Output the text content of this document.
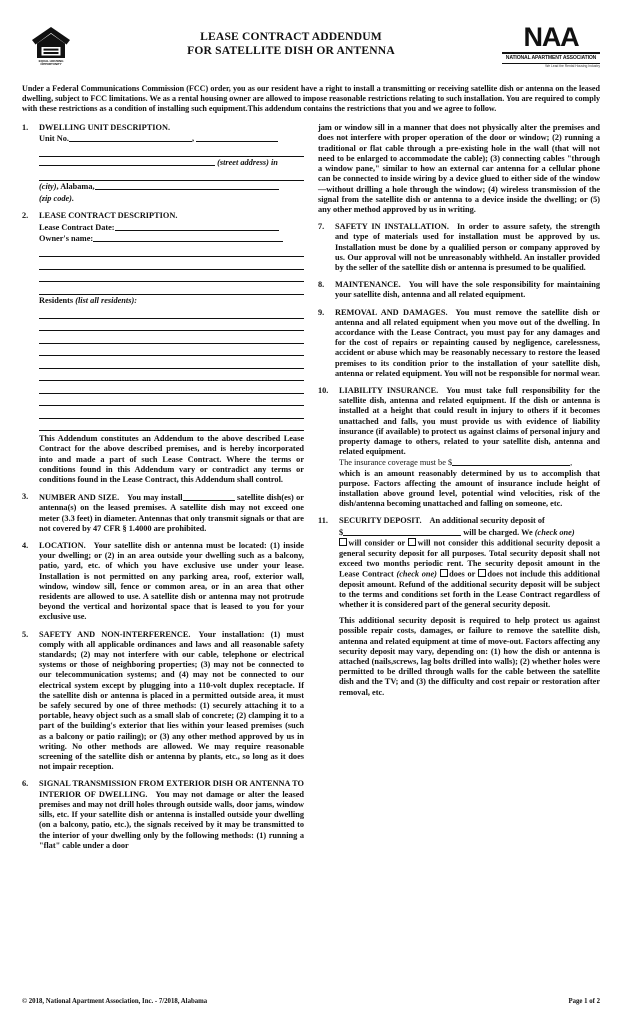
EQUAL HOUSING OPPORTUNITY
LEASE CONTRACT ADDENDUM
FOR SATELLITE DISH OR ANTENNA	NAA
NATIONAL APARTMENT ASSOCIATION
We Lead the Rental Housing Industry
Under a Federal Communications Commission (FCC) order, you as our resident have a right to install a transmitting or receiving satellite dish or antenna on the leased dwelling, subject to FCC limitations. We as a rental housing owner are allowed to impose reasonable restrictions relating to such installation. You are required to comply with these restrictions as a condition of installing such equipment.This addendum contains the restrictions that you and we agree to follow.
1.	DWELLING UNIT DESCRIPTION.
Unit No.	,
(street address) in
(city), Alabama,
(zip code).
2.	LEASE CONTRACT DESCRIPTION.
Lease Contract Date:
Owner's name:
Residents (list all residents):
This Addendum constitutes an Addendum to the above described Lease Contract for the above described premises, and is hereby incorporated into and made a part of such Lease Contract. Where the terms or conditions found in this Addendum vary or contradict any terms or conditions found in the Lease Contract, this Addendum shall control.
3.	NUMBER AND SIZE. You may install	satellite dish(es) or antenna(s) on the leased premises. A satellite dish may not exceed one meter (3.3 feet) in diameter. Antennas that only transmit signals or that are not covered by 47 CFR § 1.4000 are prohibited.
4.	LOCATION. Your satellite dish or antenna must be located: (1) inside your dwelling; or (2) in an area outside your dwelling such as a balcony, patio, yard, etc. of which you have exclusive use under your lease. Installation is not permitted on any parking area, roof, exterior wall, window, window sill, fence or common area, or in an area that other residents are allowed to use. A satellite dish or antenna may not protrude beyond the vertical and horizontal space that is leased to you for your exclusive use.
5.	SAFETY AND NON-INTERFERENCE. Your installation: (1) must comply with all applicable ordinances and laws and all reasonable safety standards; (2) may not interfere with our cable, telephone or electrical systems or those of neighboring properties; (3) may not be connected to our telecommunication systems; and (4) may not be connected to our electrical system except by plugging into a 110-volt duplex receptacle. If the satellite dish or antenna is placed in a permitted outside area, it must be safely secured by one of three methods: (1) securely attaching it to a portable, heavy object such as a small slab of concrete; (2) clamping it to a part of the building's exterior that lies within your leased premises (such as a balcony or patio railing); or (3) any other method approved by us in writing. No other methods are allowed. We may require reasonable screening of the satellite dish or antenna by plants, etc., so long as it does not impair reception.
6.	SIGNAL TRANSMISSION FROM EXTERIOR DISH OR ANTENNA TO INTERIOR OF DWELLING. You may not damage or alter the leased premises and may not drill holes through outside walls, door jams, window sills, etc. If your satellite dish or antenna is installed outside your dwelling (on a balcony, patio, etc.), the signals received by it may be transmitted to the interior of your dwelling only by the following methods: (1) running a "flat" cable under a door
jam or window sill in a manner that does not physically alter the premises and does not interfere with proper operation of the door or window; (2) running a traditional or flat cable through a pre-existing hole in the wall (that will not need to be enlarged to accommodate the cable); (3) connecting cables "through a window pane," similar to how an external car antenna for a cellular phone can be connected to inside wiring by a device glued to either side of the window—without drilling a hole through the window; (4) wireless transmission of the signal from the satellite dish or antenna to a device inside the dwelling; or (5) any other method approved by us in writing.
7.	SAFETY IN INSTALLATION. In order to assure safety, the strength and type of materials used for installation must be approved by us. Installation must be done by a qualilied person or company approved by us. Our approval will not be unreasonably withheld. An installer provided by the seller of the satellite dish or antenna is presumed to be qualified.
8.	MAINTENANCE. You will have the sole responsibility for maintaining your satellite dish, antenna and all related equipment.
9.	REMOVAL AND DAMAGES. You must remove the satellite dish or antenna and all related equipment when you move out of the dwelling. In accordance with the Lease Contract, you must pay for any damages and for the cost of repairs or repainting caused by negligence, carelessness, accident or abuse which may be reasonably necessary to restore the leased premises to its condition prior to the installation of your satellite dish, antenna or related equipment. You will not be responsible for normal wear.
10.	LIABILITY INSURANCE. You must take full responsibility for the satellite dish, antenna and related equipment. If the dish or antenna is installed at a height that could result in injury to others if it becomes unattached and falls, you must provide us with evidence of liability insurance (if available) to protect us against claims of personal injury and property damage to others, related to your satellite dish, antenna and related equipment.
The insurance coverage must be $	,
which is an amount reasonably determined by us to accomplish that purpose. Factors affecting the amount of insurance include height of installation above ground level, potential wind velocities, risk of the dish/antenna becoming unattached and falling on someone, etc.
11.	SECURITY DEPOSIT. An additional security deposit of
$	will be charged. We (check one)
will consider or will not consider this additional security deposit a general security deposit for all purposes. Total security deposit shall not exceed two months periodic rent. The security deposit amount in the Lease Contract (check one) does or does not include this additional deposit amount. Refund of the additional security deposit will be subject to the terms and conditions set forth in the Lease Contract regardless of whether it is considered part of the general security deposit.
This additional security deposit is required to help protect us against possible repair costs, damages, or failure to remove the satellite dish, antenna and related equipment at time of move-out. Factors affecting any security deposit may vary, depending on: (1) how the dish or antenna is attached (nails,screws, lag bolts drilled into walls); (2) whether holes were permitted to be drilled through walls for the cable between the satellite dish and the TV; and (3) the difficulty and cost repair or restoration after removal, etc.
© 2018, National Apartment Association, Inc. - 7/2018, Alabama	Page 1 of 2
